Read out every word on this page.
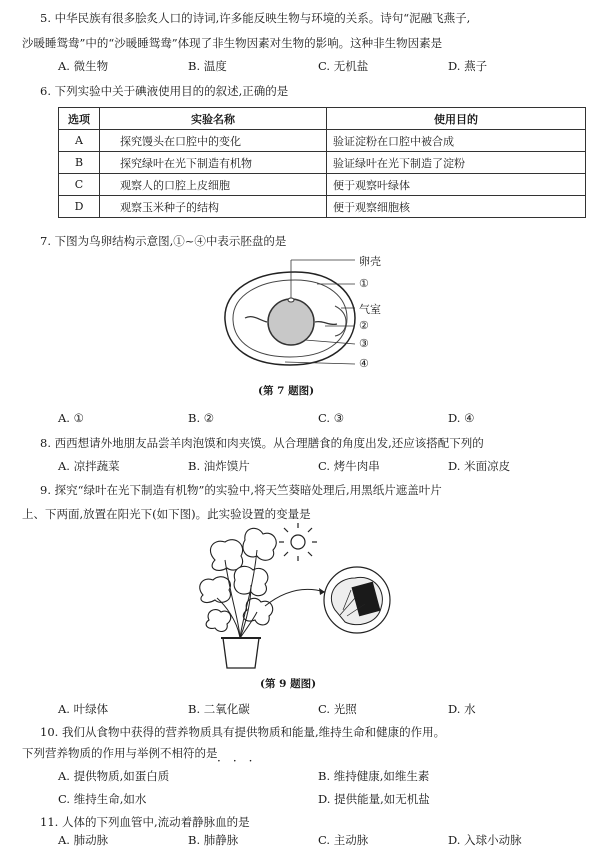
5. 中华民族有很多脍炙人口的诗词,许多能反映生物与环境的关系。诗句“泥融飞燕子,
沙暖睡鸳鸯”中的“沙暖睡鸳鸯”体现了非生物因素对生物的影响。这种非生物因素是
A. 微生物	B. 温度	C. 无机盐	D. 燕子
6. 下列实验中关于碘液使用目的的叙述,正确的是
选项	实验名称	使用目的
A	探究馒头在口腔中的变化	验证淀粉在口腔中被合成
B	探究绿叶在光下制造有机物	验证绿叶在光下制造了淀粉
C	观察人的口腔上皮细胞	便于观察叶绿体
D	观察玉米种子的结构	便于观察细胞核
7. 下图为鸟卵结构示意图,①~④中表示胚盘的是
卵壳
①
气室
②
③
④
(第 7 题图)
A. ①	B. ②	C. ③	D. ④
8. 西西想请外地朋友品尝羊肉泡馍和肉夹馍。从合理膳食的角度出发,还应该搭配下列的
A. 凉拌蔬菜	B. 油炸馍片	C. 烤牛肉串	D. 米面凉皮
9. 探究“绿叶在光下制造有机物”的实验中,将天竺葵暗处理后,用黑纸片遮盖叶片
上、下两面,放置在阳光下(如下图)。此实验设置的变量是
(第 9 题图)
A. 叶绿体	B. 二氧化碳	C. 光照	D. 水
10. 我们从食物中获得的营养物质具有提供物质和能量,维持生命和健康的作用。
下列营养物质的作用与举例不相符的是
···
A. 提供物质,如蛋白质	B. 维持健康,如维生素
C. 维持生命,如水	D. 提供能量,如无机盐
11. 人体的下列血管中,流动着静脉血的是
A. 肺动脉	B. 肺静脉	C. 主动脉	D. 入球小动脉
